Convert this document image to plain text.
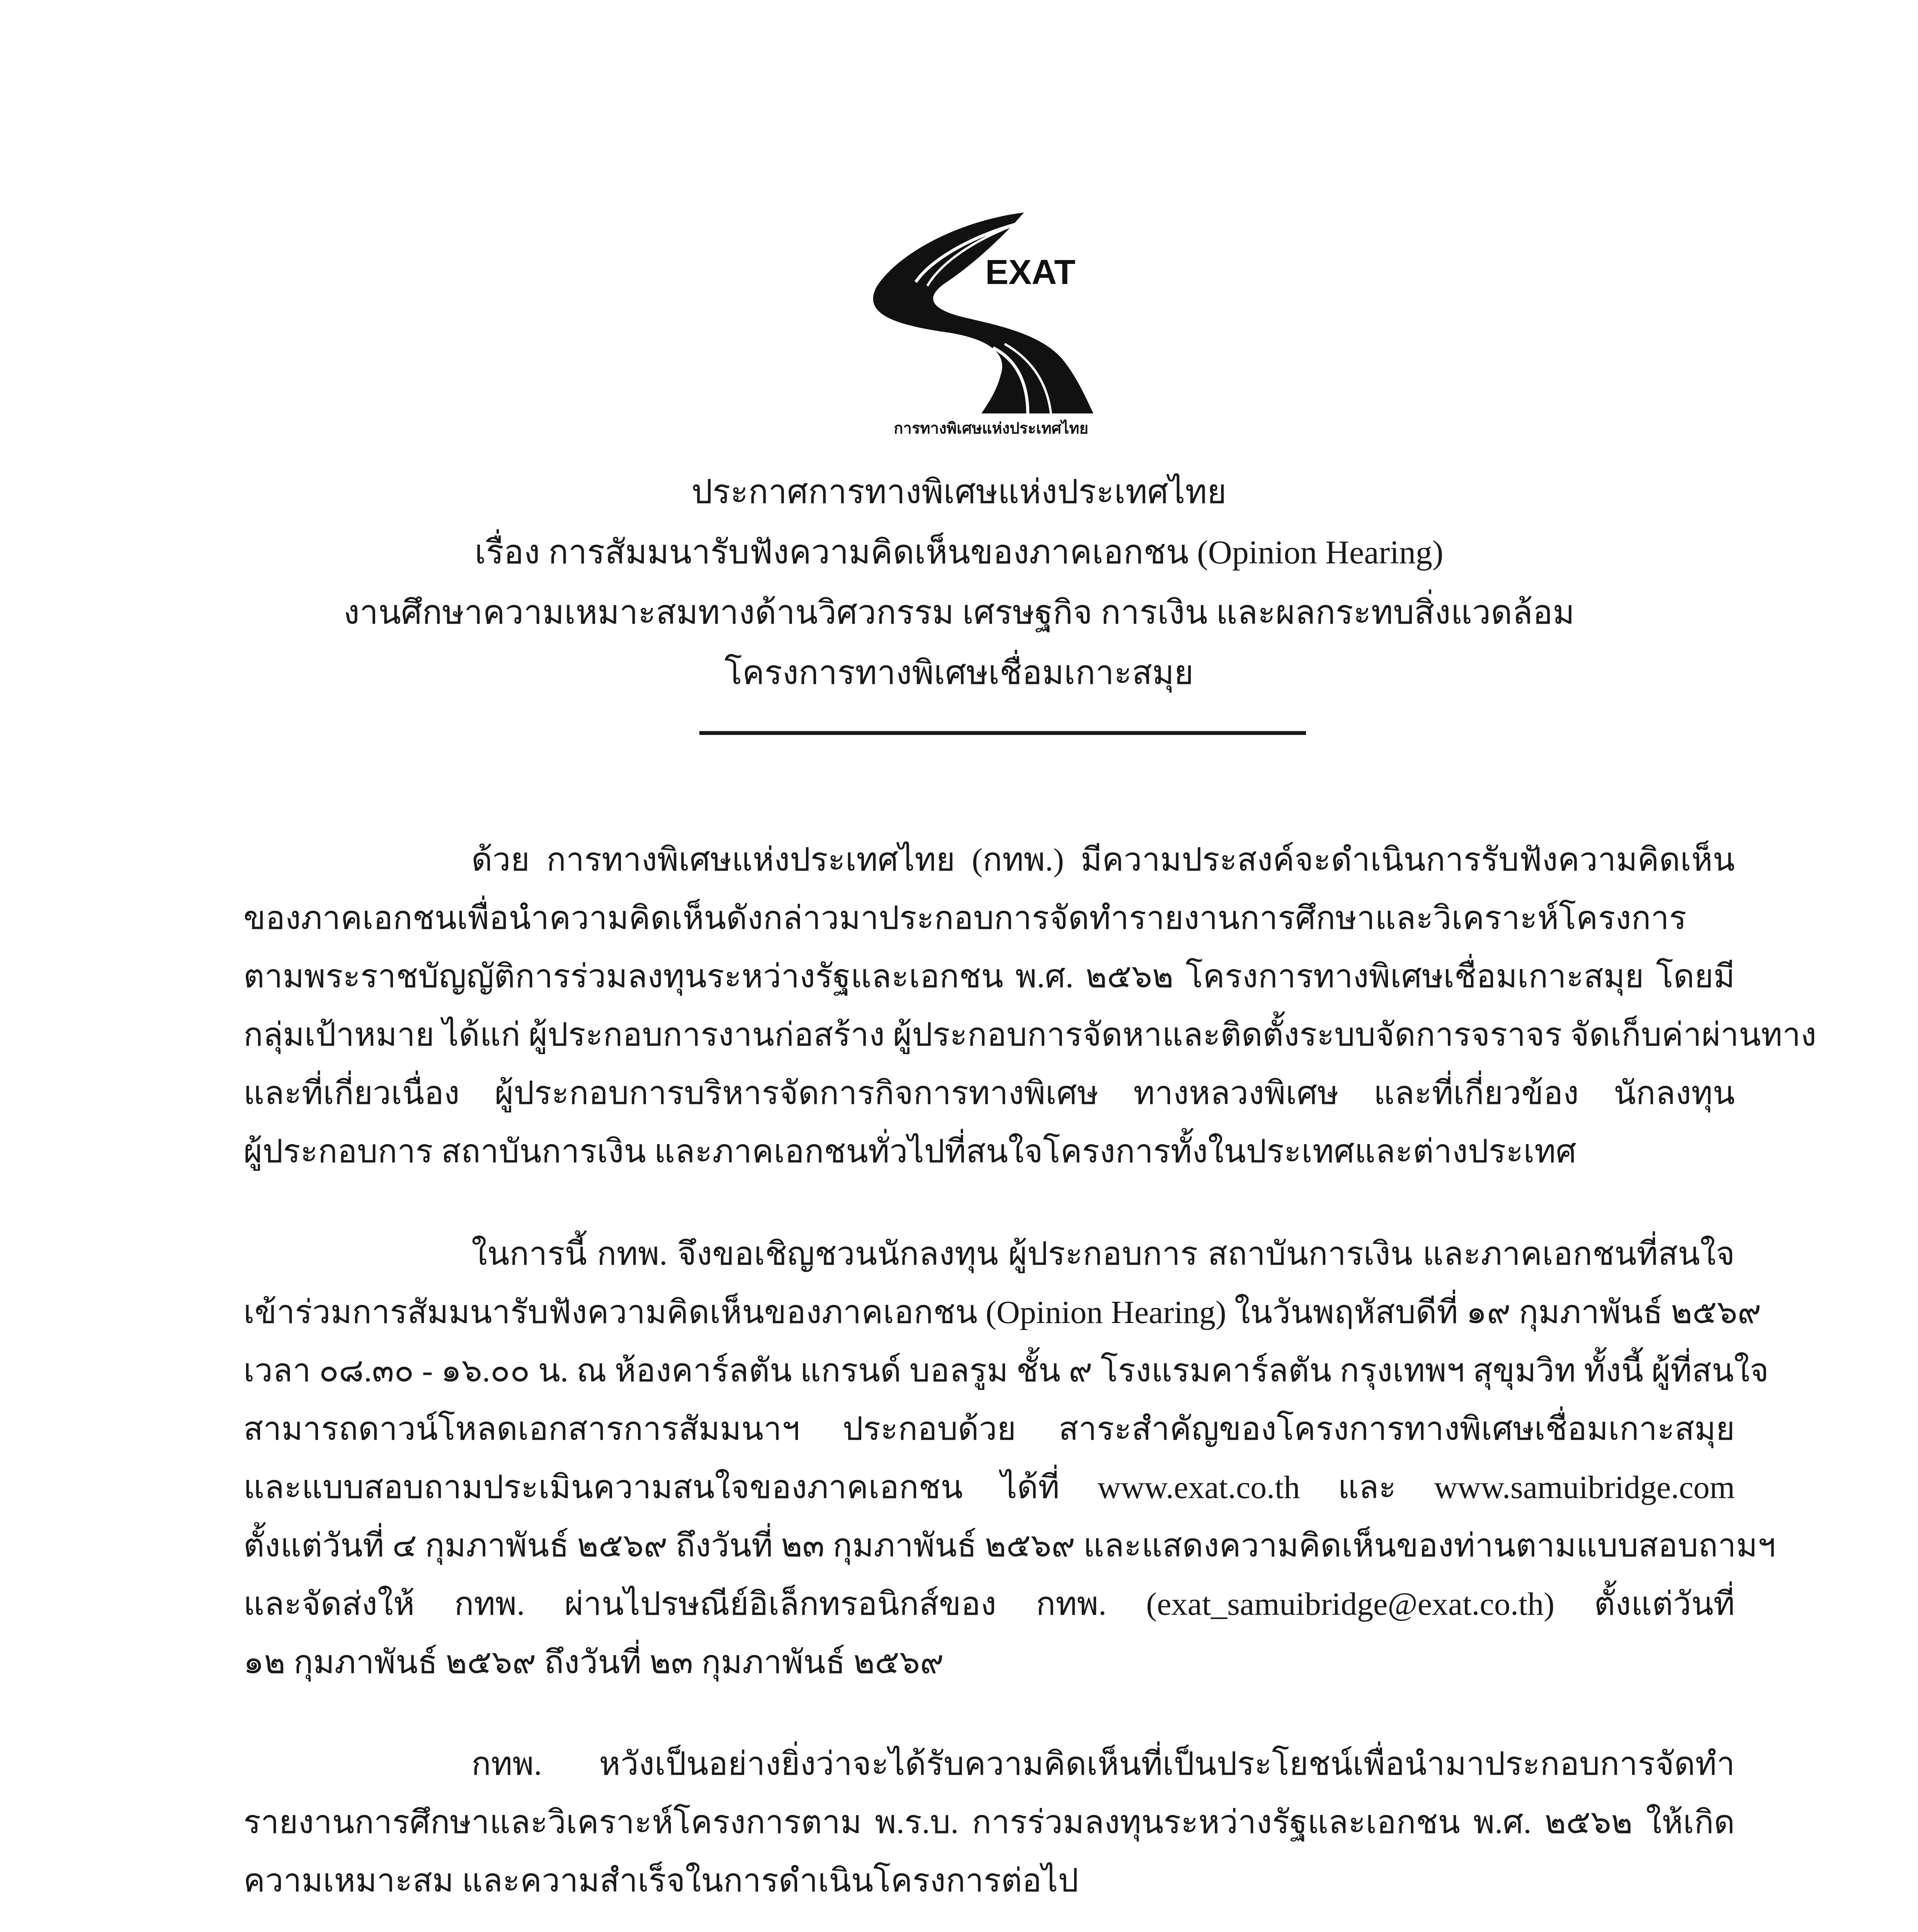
EXAT
การทางพิเศษแห่งประเทศไทย
ประกาศการทางพิเศษแห่งประเทศไทย
เรื่อง การสัมมนารับฟังความคิดเห็นของภาคเอกชน (Opinion Hearing)
งานศึกษาความเหมาะสมทางด้านวิศวกรรม เศรษฐกิจ การเงิน และผลกระทบสิ่งแวดล้อม
โครงการทางพิเศษเชื่อมเกาะสมุย
ด้วย การทางพิเศษแห่งประเทศไทย (กทพ.) มีความประสงค์จะดำเนินการรับฟังความคิดเห็น
ของภาคเอกชนเพื่อนำความคิดเห็นดังกล่าวมาประกอบการจัดทำรายงานการศึกษาและวิเคราะห์โครงการ
ตามพระราชบัญญัติการร่วมลงทุนระหว่างรัฐและเอกชน พ.ศ. ๒๕๖๒ โครงการทางพิเศษเชื่อมเกาะสมุย โดยมี
กลุ่มเป้าหมาย ได้แก่ ผู้ประกอบการงานก่อสร้าง ผู้ประกอบการจัดหาและติดตั้งระบบจัดการจราจร จัดเก็บค่าผ่านทาง
และที่เกี่ยวเนื่อง ผู้ประกอบการบริหารจัดการกิจการทางพิเศษ ทางหลวงพิเศษ และที่เกี่ยวข้อง นักลงทุน
ผู้ประกอบการ สถาบันการเงิน และภาคเอกชนทั่วไปที่สนใจโครงการทั้งในประเทศและต่างประเทศ
ในการนี้ กทพ. จึงขอเชิญชวนนักลงทุน ผู้ประกอบการ สถาบันการเงิน และภาคเอกชนที่สนใจ
เข้าร่วมการสัมมนารับฟังความคิดเห็นของภาคเอกชน (Opinion Hearing) ในวันพฤหัสบดีที่ ๑๙ กุมภาพันธ์ ๒๕๖๙
เวลา ๐๘.๓๐ - ๑๖.๐๐ น. ณ ห้องคาร์ลตัน แกรนด์ บอลรูม ชั้น ๙ โรงแรมคาร์ลตัน กรุงเทพฯ สุขุมวิท ทั้งนี้ ผู้ที่สนใจ
สามารถดาวน์โหลดเอกสารการสัมมนาฯ ประกอบด้วย สาระสำคัญของโครงการทางพิเศษเชื่อมเกาะสมุย
และแบบสอบถามประเมินความสนใจของภาคเอกชน ได้ที่ www.exat.co.th และ www.samuibridge.com
ตั้งแต่วันที่ ๔ กุมภาพันธ์ ๒๕๖๙ ถึงวันที่ ๒๓ กุมภาพันธ์ ๒๕๖๙ และแสดงความคิดเห็นของท่านตามแบบสอบถามฯ
และจัดส่งให้ กทพ. ผ่านไปรษณีย์อิเล็กทรอนิกส์ของ กทพ. (exat_samuibridge@exat.co.th) ตั้งแต่วันที่
๑๒ กุมภาพันธ์ ๒๕๖๙ ถึงวันที่ ๒๓ กุมภาพันธ์ ๒๕๖๙
กทพ. หวังเป็นอย่างยิ่งว่าจะได้รับความคิดเห็นที่เป็นประโยชน์เพื่อนำมาประกอบการจัดทำ
รายงานการศึกษาและวิเคราะห์โครงการตาม พ.ร.บ. การร่วมลงทุนระหว่างรัฐและเอกชน พ.ศ. ๒๕๖๒ ให้เกิด
ความเหมาะสม และความสำเร็จในการดำเนินโครงการต่อไป
